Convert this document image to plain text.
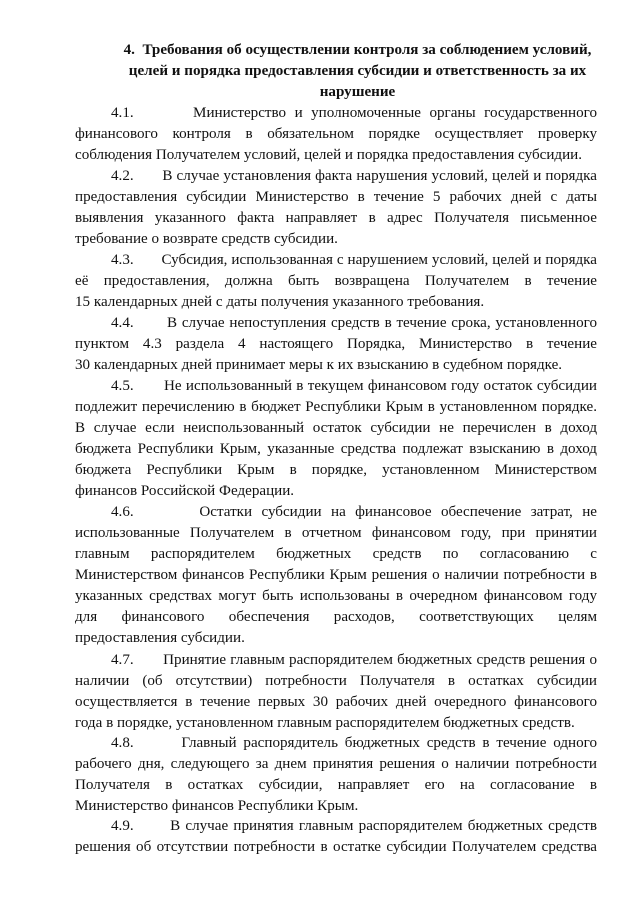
4. Требования об осуществлении контроля за соблюдением условий,
целей и порядка предоставления субсидии и ответственность за их
нарушение
4.1.	Министерство и уполномоченные органы государственного
финансового контроля в обязательном порядке осуществляет проверку
соблюдения Получателем условий, целей и порядка предоставления субсидии.
4.2. В случае установления факта нарушения условий, целей и порядка
предоставления субсидии Министерство в течение 5 рабочих дней с даты
выявления указанного факта направляет в адрес Получателя письменное
требование о возврате средств субсидии.
4.3. Субсидия, использованная с нарушением условий, целей и порядка
её предоставления, должна быть возвращена Получателем в течение
15 календарных дней с даты получения указанного требования.
4.4. В случае непоступления средств в течение срока, установленного
пунктом 4.3 раздела 4 настоящего Порядка, Министерство в течение
30 календарных дней принимает меры к их взысканию в судебном порядке.
4.5.       Не использованный в текущем финансовом году остаток субсидии
подлежит перечислению в бюджет Республики Крым в установленном порядке.
В случае если неиспользованный остаток субсидии не перечислен в доход
бюджета Республики Крым, указанные средства подлежат взысканию в доход
бюджета Республики Крым в порядке, установленном Министерством
финансов Российской Федерации.
4.6.	Остатки субсидии на финансовое обеспечение затрат, не
использованные Получателем в отчетном финансовом году, при принятии
главным распорядителем бюджетных средств по согласованию с
Министерством финансов Республики Крым решения о наличии потребности в
указанных средствах могут быть использованы в очередном финансовом году
для финансового обеспечения расходов, соответствующих целям
предоставления субсидии.
4.7. Принятие главным распорядителем бюджетных средств решения о
наличии (об отсутствии) потребности Получателя в остатках субсидии
осуществляется в течение первых 30 рабочих дней очередного финансового
года в порядке, установленном главным распорядителем бюджетных средств.
4.8.	Главный распорядитель бюджетных средств в течение одного
рабочего дня, следующего за днем принятия решения о наличии потребности
Получателя в остатках субсидии, направляет его на согласование в
Министерство финансов Республики Крым.
4.9. В случае принятия главным распорядителем бюджетных средств
решения об отсутствии потребности в остатке субсидии Получателем средства
